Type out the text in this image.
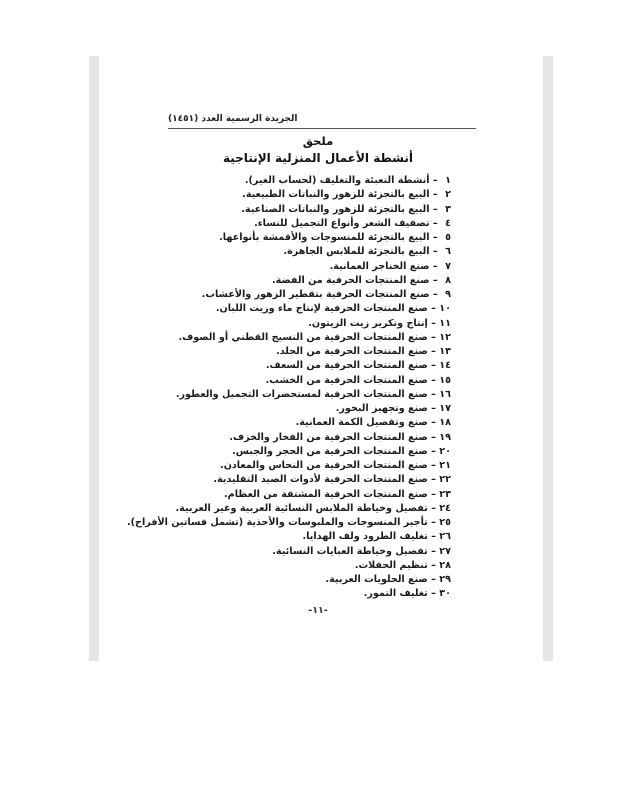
الجريدة الرسمية العدد (١٤٥١)
ملحق
أنشطة الأعمال المنزلية الإنتاجية
١ – أنشطة التعبئة والتغليف (لحساب الغير).
٢ – البيع بالتجزئة للزهور والنباتات الطبيعية.
٣ – البيع بالتجزئة للزهور والنباتات الصناعية.
٤ – تصفيف الشعر وأنواع التجميل للنساء.
٥ – البيع بالتجزئة للمنسوجات والأقمشة بأنواعها.
٦ – البيع بالتجزئة للملابس الجاهزة.
٧ – صنع الخناجر العمانية.
٨ – صنع المنتجات الحرفية من الفضة.
٩ – صنع المنتجات الحرفية بتقطير الزهور والأعشاب.
١٠ – صنع المنتجات الحرفية لإنتاج ماء وزيت اللبان.
١١ – إنتاج وتكرير زيت الزيتون.
١٢ – صنع المنتجات الحرفية من النسيج القطني أو الصوف.
١٣ – صنع المنتجات الحرفية من الجلد.
١٤ – صنع المنتجات الحرفية من السعف.
١٥ – صنع المنتجات الحرفية من الخشب.
١٦ – صنع المنتجات الحرفية لمستحضرات التجميل والعطور.
١٧ – صنع وتجهيز البخور.
١٨ – صنع وتفصيل الكمة العمانية.
١٩ – صنع المنتجات الحرفية من الفخار والخزف.
٢٠ – صنع المنتجات الحرفية من الحجر والجبس.
٢١ – صنع المنتجات الحرفية من النحاس والمعادن.
٢٢ – صنع المنتجات الحرفية لأدوات الصيد التقليدية.
٢٣ – صنع المنتجات الحرفية المشتقة من العظام.
٢٤ – تفصيل وخياطة الملابس النسائية العربية وغير العربية.
٢٥ – تأجير المنسوجات والملبوسات والأحذية (تشمل فساتين الأفراح).
٢٦ – تغليف الطرود ولف الهدايا.
٢٧ – تفصيل وخياطة العبايات النسائية.
٢٨ – تنظيم الحفلات.
٢٩ – صنع الحلويات العربية.
٣٠ – تغليف التمور.
-١١-
